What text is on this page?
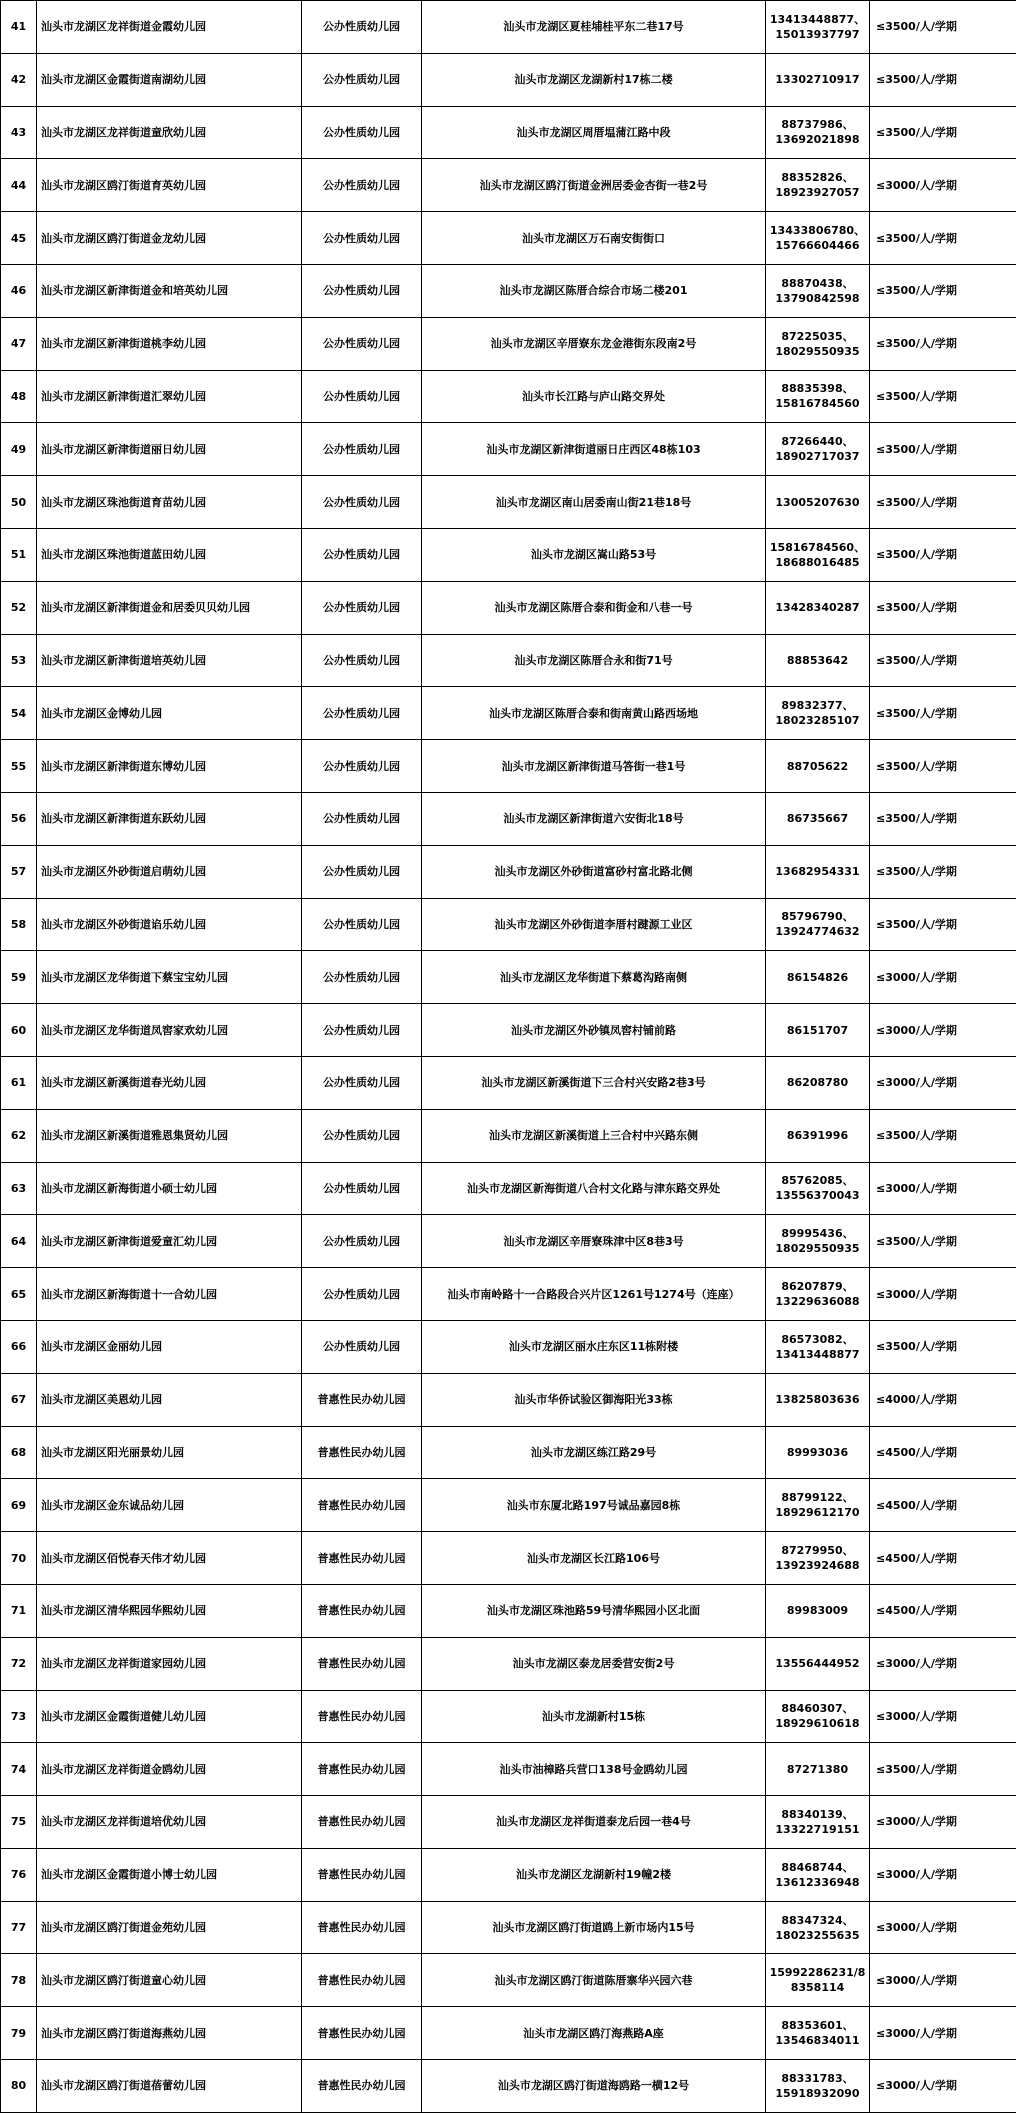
41	汕头市龙湖区龙祥街道金霞幼儿园	公办性质幼儿园	汕头市龙湖区夏桂埔桂平东二巷17号	13413448877、
15013937797	≤3500/人/学期
42	汕头市龙湖区金霞街道南湖幼儿园	公办性质幼儿园	汕头市龙湖区龙湖新村17栋二楼	13302710917	≤3500/人/学期
43	汕头市龙湖区龙祥街道童欣幼儿园	公办性质幼儿园	汕头市龙湖区周厝塭蒲江路中段	88737986、
13692021898	≤3500/人/学期
44	汕头市龙湖区鸥汀街道育英幼儿园	公办性质幼儿园	汕头市龙湖区鸥汀街道金洲居委金杏街一巷2号	88352826、
18923927057	≤3000/人/学期
45	汕头市龙湖区鸥汀街道金龙幼儿园	公办性质幼儿园	汕头市龙湖区万石南安街街口	13433806780、
15766604466	≤3500/人/学期
46	汕头市龙湖区新津街道金和培英幼儿园	公办性质幼儿园	汕头市龙湖区陈厝合综合市场二楼201	88870438、
13790842598	≤3500/人/学期
47	汕头市龙湖区新津街道桃李幼儿园	公办性质幼儿园	汕头市龙湖区辛厝寮东龙金港街东段南2号	87225035、
18029550935	≤3500/人/学期
48	汕头市龙湖区新津街道汇翠幼儿园	公办性质幼儿园	汕头市长江路与庐山路交界处	88835398、
15816784560	≤3500/人/学期
49	汕头市龙湖区新津街道丽日幼儿园	公办性质幼儿园	汕头市龙湖区新津街道丽日庄西区48栋103	87266440、
18902717037	≤3500/人/学期
50	汕头市龙湖区珠池街道育苗幼儿园	公办性质幼儿园	汕头市龙湖区南山居委南山街21巷18号	13005207630	≤3500/人/学期
51	汕头市龙湖区珠池街道蓝田幼儿园	公办性质幼儿园	汕头市龙湖区嵩山路53号	15816784560、
18688016485	≤3500/人/学期
52	汕头市龙湖区新津街道金和居委贝贝幼儿园	公办性质幼儿园	汕头市龙湖区陈厝合泰和街金和八巷一号	13428340287	≤3500/人/学期
53	汕头市龙湖区新津街道培英幼儿园	公办性质幼儿园	汕头市龙湖区陈厝合永和街71号	88853642	≤3500/人/学期
54	汕头市龙湖区金博幼儿园	公办性质幼儿园	汕头市龙湖区陈厝合泰和街南黄山路西场地	89832377、
18023285107	≤3500/人/学期
55	汕头市龙湖区新津街道东博幼儿园	公办性质幼儿园	汕头市龙湖区新津街道马答街一巷1号	88705622	≤3500/人/学期
56	汕头市龙湖区新津街道东跃幼儿园	公办性质幼儿园	汕头市龙湖区新津街道六安街北18号	86735667	≤3500/人/学期
57	汕头市龙湖区外砂街道启萌幼儿园	公办性质幼儿园	汕头市龙湖区外砂街道富砂村富北路北侧	13682954331	≤3500/人/学期
58	汕头市龙湖区外砂街道谄乐幼儿园	公办性质幼儿园	汕头市龙湖区外砂街道李厝村踺源工业区	85796790、
13924774632	≤3500/人/学期
59	汕头市龙湖区龙华街道下蔡宝宝幼儿园	公办性质幼儿园	汕头市龙湖区龙华街道下蔡葛沟路南侧	86154826	≤3000/人/学期
60	汕头市龙湖区龙华街道凤窖家欢幼儿园	公办性质幼儿园	汕头市龙湖区外砂镇凤窖村铺前路	86151707	≤3000/人/学期
61	汕头市龙湖区新溪街道春光幼儿园	公办性质幼儿园	汕头市龙湖区新溪街道下三合村兴安路2巷3号	86208780	≤3000/人/学期
62	汕头市龙湖区新溪街道雅恩集贤幼儿园	公办性质幼儿园	汕头市龙湖区新溪街道上三合村中兴路东侧	86391996	≤3500/人/学期
63	汕头市龙湖区新海街道小硕士幼儿园	公办性质幼儿园	汕头市龙湖区新海街道八合村文化路与津东路交界处	85762085、
13556370043	≤3000/人/学期
64	汕头市龙湖区新津街道爱童汇幼儿园	公办性质幼儿园	汕头市龙湖区辛厝寮珠津中区8巷3号	89995436、
18029550935	≤3500/人/学期
65	汕头市龙湖区新海街道十一合幼儿园	公办性质幼儿园	汕头市南岭路十一合路段合兴片区1261号1274号（连座）	86207879、
13229636088	≤3000/人/学期
66	汕头市龙湖区金丽幼儿园	公办性质幼儿园	汕头市龙湖区丽水庄东区11栋附楼	86573082、
13413448877	≤3500/人/学期
67	汕头市龙湖区美恩幼儿园	普惠性民办幼儿园	汕头市华侨试验区御海阳光33栋	13825803636	≤4000/人/学期
68	汕头市龙湖区阳光丽景幼儿园	普惠性民办幼儿园	汕头市龙湖区练江路29号	89993036	≤4500/人/学期
69	汕头市龙湖区金东诚品幼儿园	普惠性民办幼儿园	汕头市东厦北路197号诚品嘉园8栋	88799122、
18929612170	≤4500/人/学期
70	汕头市龙湖区佰悦春天伟才幼儿园	普惠性民办幼儿园	汕头市龙湖区长江路106号	87279950、
13923924688	≤4500/人/学期
71	汕头市龙湖区清华熙园华熙幼儿园	普惠性民办幼儿园	汕头市龙湖区珠池路59号清华熙园小区北面	89983009	≤4500/人/学期
72	汕头市龙湖区龙祥街道家园幼儿园	普惠性民办幼儿园	汕头市龙湖区泰龙居委营安街2号	13556444952	≤3000/人/学期
73	汕头市龙湖区金霞街道健儿幼儿园	普惠性民办幼儿园	汕头市龙湖新村15栋	88460307、
18929610618	≤3000/人/学期
74	汕头市龙湖区龙祥街道金鸥幼儿园	普惠性民办幼儿园	汕头市油樟路兵营口138号金鸥幼儿园	87271380	≤3500/人/学期
75	汕头市龙湖区龙祥街道培优幼儿园	普惠性民办幼儿园	汕头市龙湖区龙祥街道泰龙后园一巷4号	88340139、
13322719151	≤3000/人/学期
76	汕头市龙湖区金霞街道小博士幼儿园	普惠性民办幼儿园	汕头市龙湖区龙湖新村19幢2楼	88468744、
13612336948	≤3000/人/学期
77	汕头市龙湖区鸥汀街道金苑幼儿园	普惠性民办幼儿园	汕头市龙湖区鸥汀街道鸥上新市场内15号	88347324、
18023255635	≤3000/人/学期
78	汕头市龙湖区鸥汀街道童心幼儿园	普惠性民办幼儿园	汕头市龙湖区鸥汀街道陈厝寨华兴园六巷	15992286231/8
8358114	≤3000/人/学期
79	汕头市龙湖区鸥汀街道海燕幼儿园	普惠性民办幼儿园	汕头市龙湖区鸥汀海燕路A座	88353601、
13546834011	≤3000/人/学期
80	汕头市龙湖区鸥汀街道蓓蕾幼儿园	普惠性民办幼儿园	汕头市龙湖区鸥汀街道海鸥路一横12号	88331783、
15918932090	≤3000/人/学期
